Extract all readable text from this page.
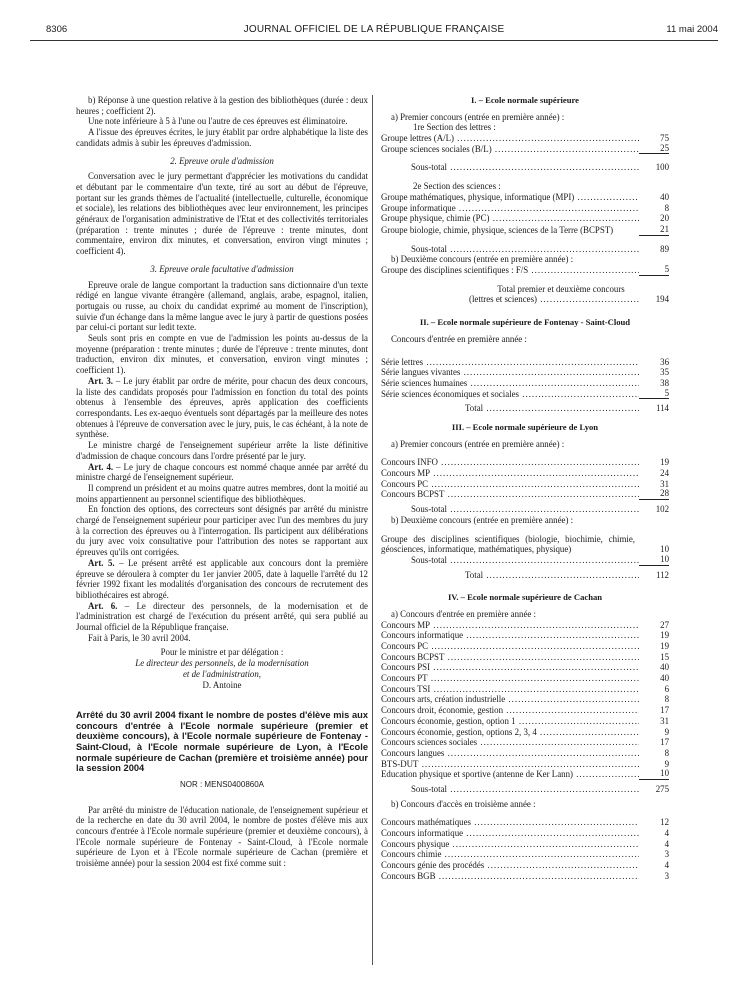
8306	JOURNAL OFFICIEL DE LA RÉPUBLIQUE FRANÇAISE	11 mai 2004

b) Réponse à une question relative à la gestion des bibliothèques (durée : deux heures ; coefficient 2).

Une note inférieure à 5 à l'une ou l'autre de ces épreuves est éliminatoire.

A l'issue des épreuves écrites, le jury établit par ordre alphabétique la liste des candidats admis à subir les épreuves d'admission.

2. Epreuve orale d'admission

Conversation avec le jury permettant d'apprécier les motivations du candidat et débutant par le commentaire d'un texte, tiré au sort au début de l'épreuve, portant sur les grands thèmes de l'actualité (intellectuelle, culturelle, économique et sociale), les relations des bibliothèques avec leur environnement, les principes généraux de l'organisation administrative de l'Etat et des collectivités territoriales (préparation : trente minutes ; durée de l'épreuve : trente minutes, dont commentaire, environ dix minutes, et conversation, environ vingt minutes ; coefficient 4).

3. Epreuve orale facultative d'admission

Epreuve orale de langue comportant la traduction sans dictionnaire d'un texte rédigé en langue vivante étrangère (allemand, anglais, arabe, espagnol, italien, portugais ou russe, au choix du candidat exprimé au moment de l'inscription), suivie d'un échange dans la même langue avec le jury à partir de questions posées par celui-ci portant sur ledit texte.

Seuls sont pris en compte en vue de l'admission les points au-dessus de la moyenne (préparation : trente minutes ; durée de l'épreuve : trente minutes, dont traduction, environ dix minutes, et conversation, environ vingt minutes ; coefficient 1).

Art. 3. – Le jury établit par ordre de mérite, pour chacun des deux concours, la liste des candidats proposés pour l'admission en fonction du total des points obtenus à l'ensemble des épreuves, après application des coefficients correspondants. Les ex-aequo éventuels sont départagés par la meilleure des notes obtenues à l'épreuve de conversation avec le jury, puis, le cas échéant, à la note de synthèse.

Le ministre chargé de l'enseignement supérieur arrête la liste définitive d'admission de chaque concours dans l'ordre présenté par le jury.

Art. 4. – Le jury de chaque concours est nommé chaque année par arrêté du ministre chargé de l'enseignement supérieur.

Il comprend un président et au moins quatre autres membres, dont la moitié au moins appartiennent au personnel scientifique des bibliothèques.

En fonction des options, des correcteurs sont désignés par arrêté du ministre chargé de l'enseignement supérieur pour participer avec l'un des membres du jury à la correction des épreuves ou à l'interrogation. Ils participent aux délibérations du jury avec voix consultative pour l'attribution des notes se rapportant aux épreuves qu'ils ont corrigées.

Art. 5. – Le présent arrêté est applicable aux concours dont la première épreuve se déroulera à compter du 1er janvier 2005, date à laquelle l'arrêté du 12 février 1992 fixant les modalités d'organisation des concours de recrutement des bibliothécaires est abrogé.

Art. 6. – Le directeur des personnels, de la modernisation et de l'administration est chargé de l'exécution du présent arrêté, qui sera publié au Journal officiel de la République française.

Fait à Paris, le 30 avril 2004.

Pour le ministre et par délégation :
Le directeur des personnels, de la modernisation
et de l'administration,
D. Antoine
Arrêté du 30 avril 2004 fixant le nombre de postes d'élève mis aux concours d'entrée à l'Ecole normale supérieure (premier et deuxième concours), à l'Ecole normale supérieure de Fontenay - Saint-Cloud, à l'Ecole normale supérieure de Lyon, à l'Ecole normale supérieure de Cachan (première et troisième année) pour la session 2004
NOR : MENS0400860A

Par arrêté du ministre de l'éducation nationale, de l'enseignement supérieur et de la recherche en date du 30 avril 2004, le nombre de postes d'élève mis aux concours d'entrée à l'Ecole normale supérieure (premier et deuxième concours), à l'Ecole normale supérieure de Fontenay - Saint-Cloud, à l'Ecole normale supérieure de Lyon et à l'Ecole normale supérieure de Cachan (première et troisième année) pour la session 2004 est fixé comme suit :

I. – Ecole normale supérieure
a) Premier concours (entrée en première année) :
1re Section des lettres :
Groupe lettres (A/L) .....	75
Groupe sciences sociales (B/L) .....	25
Sous-total .....	100
2e Section des sciences :
Groupe mathématiques, physique, informatique (MPI) .....	40
Groupe informatique .....	8
Groupe physique, chimie (PC) .....	20
Groupe biologie, chimie, physique, sciences de la Terre (BCPST)	21
Sous-total .....	89
b) Deuxième concours (entrée en première année) :
Groupe des disciplines scientifiques : F/S .....	5
Total premier et deuxième concours
(lettres et sciences) .....	194
II. – Ecole normale supérieure de Fontenay - Saint-Cloud
Concours d'entrée en première année :
Série lettres .....	36
Série langues vivantes .....	35
Série sciences humaines .....	38
Série sciences économiques et sociales .....	5
Total .....	114
III. – Ecole normale supérieure de Lyon
a) Premier concours (entrée en première année) :
Concours INFO .....	19
Concours MP .....	24
Concours PC .....	31
Concours BCPST .....	28
Sous-total .....	102
b) Deuxième concours (entrée en première année) :
Groupe des disciplines scientifiques (biologie, biochimie, chimie, géosciences, informatique, mathématiques, physique)	10
Sous-total .....	10
Total .....	112
IV. – Ecole normale supérieure de Cachan
a) Concours d'entrée en première année :
Concours MP .....	27
Concours informatique .....	19
Concours PC .....	19
Concours BCPST .....	15
Concours PSI .....	40
Concours PT .....	40
Concours TSI .....	6
Concours arts, création industrielle .....	8
Concours droit, économie, gestion .....	17
Concours économie, gestion, option 1 .....	31
Concours économie, gestion, options 2, 3, 4 .....	9
Concours sciences sociales .....	17
Concours langues .....	8
BTS-DUT .....	9
Education physique et sportive (antenne de Ker Lann) .....	10
Sous-total .....	275
b) Concours d'accès en troisième année :
Concours mathématiques .....	12
Concours informatique .....	4
Concours physique .....	4
Concours chimie .....	3
Concours génie des procédés .....	4
Concours BGB .....	3
